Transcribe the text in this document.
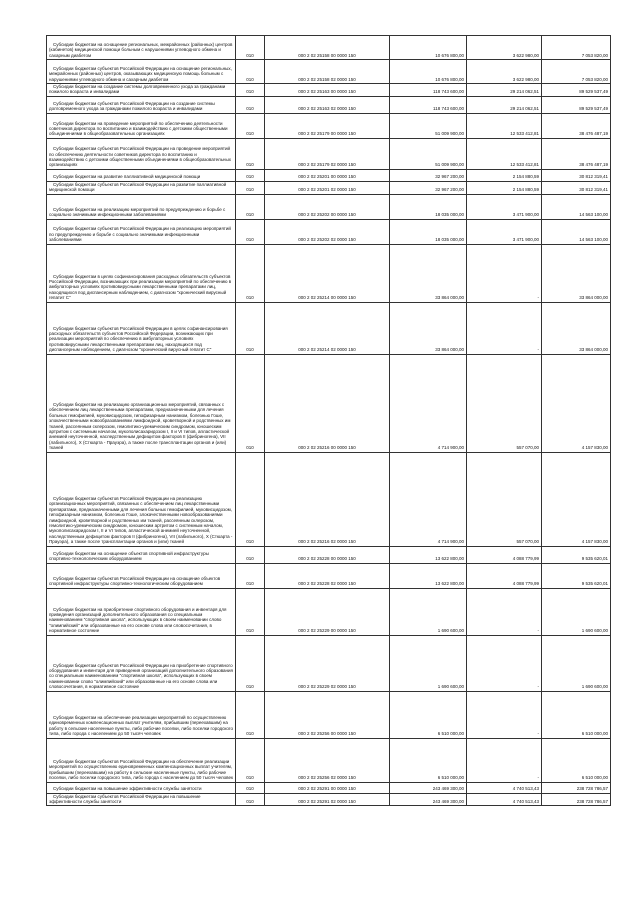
Субсидии бюджетам на оснащение региональных, межрайонных (районных) центров (кабинетов) медицинской помощи больным с нарушениями углеводного обмена и сахарным диабетом	010	000 2 02 25158 00 0000 150	10 676 800,00	3 622 980,00	7 053 820,00
Субсидии бюджетам субъектов Российской Федерации на оснащение региональных, межрайонных (районных) центров, оказывающих медицинскую помощь больным с нарушениями углеводного обмена и сахарным диабетом	010	000 2 02 25158 02 0000 150	10 676 800,00	3 622 980,00	7 053 820,00
Субсидии бюджетам на создание системы долговременного ухода за гражданами пожилого возраста и инвалидами	010	000 2 02 25163 00 0000 150	118 743 600,00	29 214 062,51	89 529 537,49
Субсидии бюджетам субъектов Российской Федерации на создание системы долговременного ухода за гражданами пожилого возраста и инвалидами	010	000 2 02 25163 02 0000 150	118 743 600,00	29 214 062,51	89 529 537,49
Субсидии бюджетам на проведение мероприятий по обеспечению деятельности советников директора по воспитанию и взаимодействию с детскими общественными объединениями в общеобразовательных организациях	010	000 2 02 25179 00 0000 150	51 009 900,00	12 533 412,81	38 476 487,19
Субсидии бюджетам субъектов Российской Федерации на проведение мероприятий по обеспечению деятельности советников директора по воспитанию и взаимодействию с детскими общественными объединениями в общеобразовательных организациях	010	000 2 02 25179 02 0000 150	51 009 900,00	12 533 412,81	38 476 487,19
Субсидии бюджетам на развитие паллиативной медицинской помощи	010	000 2 02 25201 00 0000 150	32 967 200,00	2 154 880,59	30 812 319,41
Субсидии бюджетам субъектов Российской Федерации на развитие паллиативной медицинской помощи	010	000 2 02 25201 02 0000 150	32 967 200,00	2 154 880,59	30 812 319,41
Субсидии бюджетам на реализацию мероприятий по предупреждению и борьбе с социально значимыми инфекционными заболеваниями	010	000 2 02 25202 00 0000 150	18 035 000,00	3 471 900,00	14 563 100,00
Субсидии бюджетам субъектов Российской Федерации на реализацию мероприятий по предупреждению и борьбе с социально значимыми инфекционными заболеваниями	010	000 2 02 25202 02 0000 150	18 035 000,00	3 471 900,00	14 563 100,00
Субсидии бюджетам в целях софинансирования расходных обязательств субъектов Российской Федерации, возникающих при реализации мероприятий по обеспечению в амбулаторных условиях противовирусными лекарственными препаратами лиц, находящихся под диспансерным наблюдением, с диагнозом "хронический вирусный гепатит С"	010	000 2 02 25214 00 0000 150	33 864 000,00	-	33 864 000,00
Субсидии бюджетам субъектов Российской Федерации в целях софинансирования расходных обязательств субъектов Российской Федерации, возникающих при реализации мероприятий по обеспечению в амбулаторных условиях противовирусными лекарственными препаратами лиц, находящихся под диспансерным наблюдением, с диагнозом "хронический вирусный гепатит С"	010	000 2 02 25214 02 0000 150	33 864 000,00	-	33 864 000,00
Субсидии бюджетам на реализацию организационных мероприятий, связанных с обеспечением лиц лекарственными препаратами, предназначенными для лечения больных гемофилией, муковисцидозом, гипофизарным нанизмом, болезнью Гоше, злокачественными новообразованиями лимфоидной, кроветворной и родственных им тканей, рассеянным склерозом, гемолитико-уремическим синдромом, юношеским артритом с системным началом, мукополисахаридозом I, II и VI типов, апластической анемией неуточненной, наследственным дефицитом факторов II (фибриногена), VII (лабильного), X (Стюарта - Прауэра), а также после трансплантации органов и (или) тканей	010	000 2 02 25216 00 0000 150	4 714 900,00	557 070,00	4 157 830,00
Субсидии бюджетам субъектов Российской Федерации на реализацию организационных мероприятий, связанных с обеспечением лиц лекарственными препаратами, предназначенными для лечения больных гемофилией, муковисцидозом, гипофизарным нанизмом, болезнью Гоше, злокачественными новообразованиями лимфоидной, кроветворной и родственных им тканей, рассеянным склерозом, гемолитико-уремическим синдромом, юношеским артритом с системным началом, мукополисахаридозом I, II и VI типов, апластической анемией неуточненной, наследственным дефицитом факторов II (фибриногена), VII (лабильного), X (Стюарта - Прауэра), а также после трансплантации органов и (или) тканей	010	000 2 02 25216 02 0000 150	4 714 900,00	557 070,00	4 157 830,00
Субсидии бюджетам на оснащение объектов спортивной инфраструктуры спортивно-технологическим оборудованием	010	000 2 02 25228 00 0000 150	13 622 800,00	4 088 779,99	9 535 620,01
Субсидии бюджетам субъектов Российской Федерации на оснащение объектов спортивной инфраструктуры спортивно-технологическим оборудованием	010	000 2 02 25228 02 0000 150	13 622 800,00	4 088 779,99	9 535 620,01
Субсидии бюджетам на приобретение спортивного оборудования и инвентаря для приведения организаций дополнительного образования со специальным наименованием "спортивная школа", использующих в своем наименовании слово "олимпийский" или образованные на его основе слова или словосочетания, в нормативное состояние	010	000 2 02 25229 00 0000 150	1 690 600,00	-	1 690 600,00
Субсидии бюджетам субъектов Российской Федерации на приобретение спортивного оборудования и инвентаря для приведения организаций дополнительного образования со специальным наименованием "спортивная школа", использующих в своем наименовании слово "олимпийский" или образованные на его основе слова или словосочетания, в нормативное состояние	010	000 2 02 25229 02 0000 150	1 690 600,00	-	1 690 600,00
Субсидии бюджетам на обеспечение реализации мероприятий по осуществлению единовременных компенсационных выплат учителям, прибывшим (переехавшим) на работу в сельские населенные пункты, либо рабочие поселки, либо поселки городского типа, либо города с населением до 50 тысяч человек	010	000 2 02 25256 00 0000 150	6 510 000,00	-	6 510 000,00
Субсидии бюджетам субъектов Российской Федерации на обеспечение реализации мероприятий по осуществлению единовременных компенсационных выплат учителям, прибывшим (переехавшим) на работу в сельские населенные пункты, либо рабочие поселки, либо поселки городского типа, либо города с населением до 50 тысяч человек	010	000 2 02 25256 02 0000 150	6 510 000,00	-	6 510 000,00
Субсидии бюджетам на повышение эффективности службы занятости	010	000 2 02 25291 00 0000 150	243 469 300,00	4 740 513,43	238 728 786,57
Субсидии бюджетам субъектов Российской Федерации на повышение эффективности службы занятости	010	000 2 02 25291 02 0000 150	243 469 300,00	4 740 513,43	238 728 786,57
